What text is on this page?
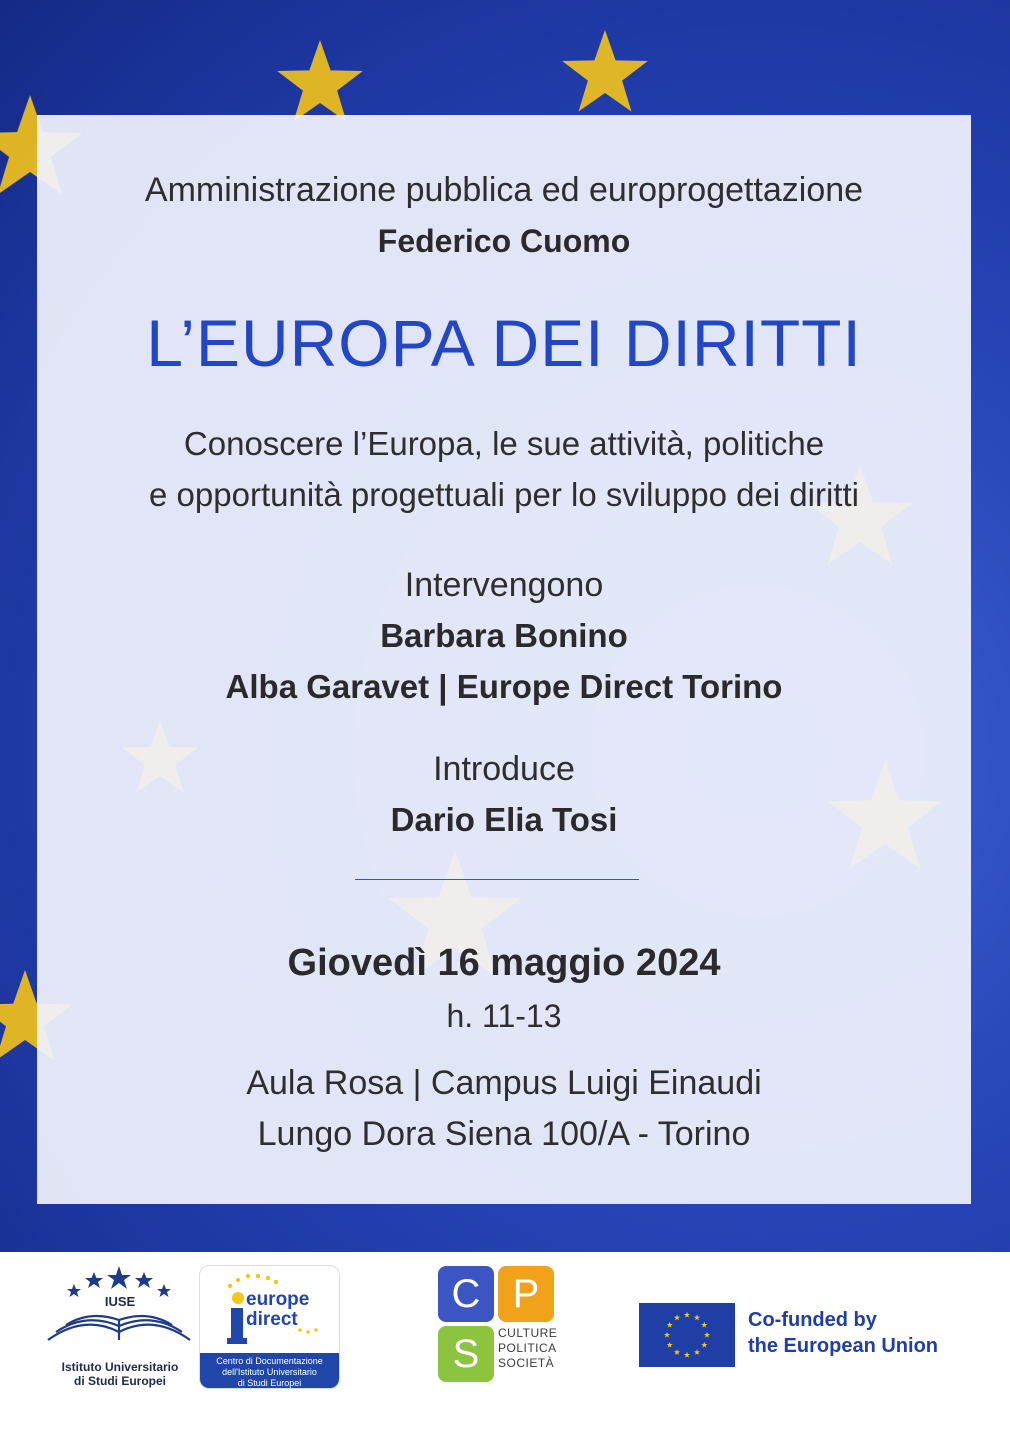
Amministrazione pubblica ed europrogettazione
Federico Cuomo
L’EUROPA DEI DIRITTI
Conoscere l’Europa, le sue attività, politiche
e opportunità progettuali per lo sviluppo dei diritti
Intervengono
Barbara Bonino
Alba Garavet | Europe Direct Torino
Introduce
Dario Elia Tosi
Giovedì 16 maggio 2024
h. 11-13
Aula Rosa | Campus Luigi Einaudi
Lungo Dora Siena 100/A - Torino
IUSE
Istituto Universitario
di Studi Europei
europe
direct
Centro di Documentazione
dell'Istituto Universitario
di Studi Europei
C P
S	CULTURE
POLITICA
SOCIETÀ
Co-funded by
the European Union
